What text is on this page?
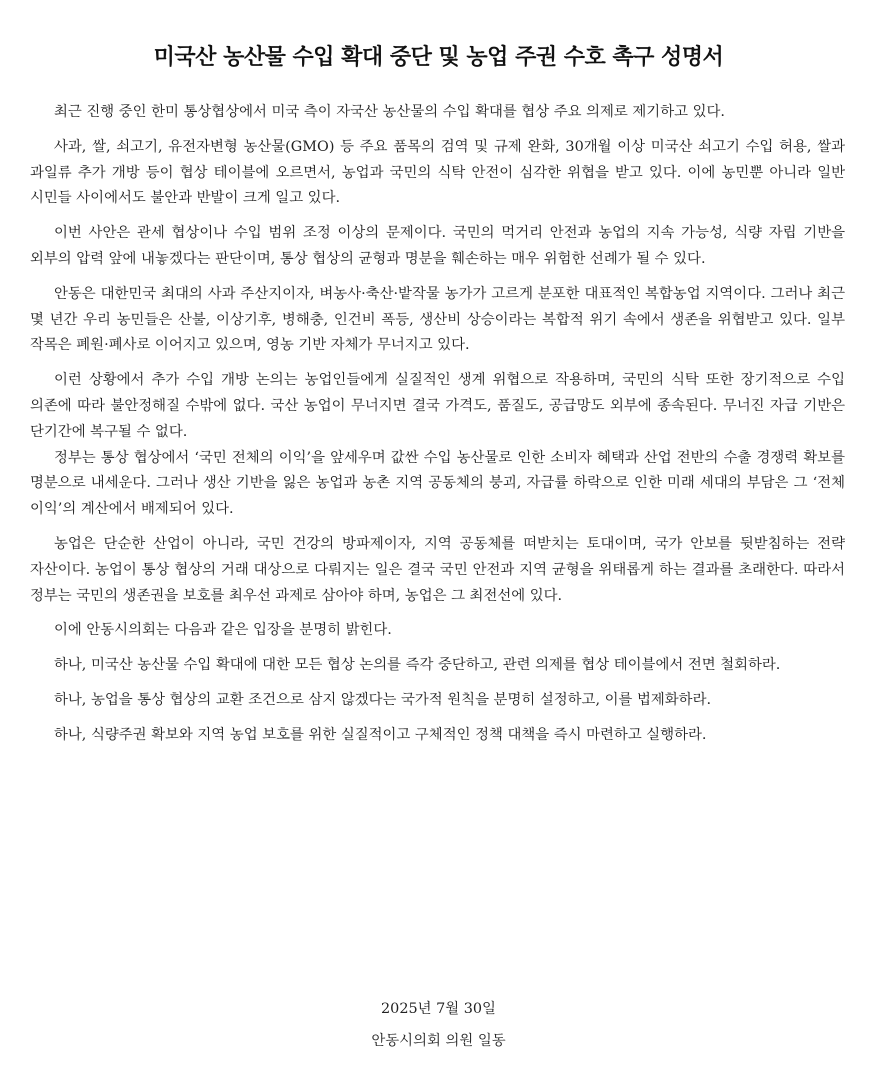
미국산 농산물 수입 확대 중단 및 농업 주권 수호 촉구 성명서

최근 진행 중인 한미 통상협상에서 미국 측이 자국산 농산물의 수입 확대를 협상 주요 의제로 제기하고 있다.

사과, 쌀, 쇠고기, 유전자변형 농산물(GMO) 등 주요 품목의 검역 및 규제 완화, 30개월 이상 미국산 쇠고기 수입 허용, 쌀과 과일류 추가 개방 등이 협상 테이블에 오르면서, 농업과 국민의 식탁 안전이 심각한 위협을 받고 있다. 이에 농민뿐 아니라 일반 시민들 사이에서도 불안과 반발이 크게 일고 있다.

이번 사안은 관세 협상이나 수입 범위 조정 이상의 문제이다. 국민의 먹거리 안전과 농업의 지속 가능성, 식량 자립 기반을 외부의 압력 앞에 내놓겠다는 판단이며, 통상 협상의 균형과 명분을 훼손하는 매우 위험한 선례가 될 수 있다.

안동은 대한민국 최대의 사과 주산지이자, 벼농사·축산·밭작물 농가가 고르게 분포한 대표적인 복합농업 지역이다. 그러나 최근 몇 년간 우리 농민들은 산불, 이상기후, 병해충, 인건비 폭등, 생산비 상승이라는 복합적 위기 속에서 생존을 위협받고 있다. 일부 작목은 폐원·폐사로 이어지고 있으며, 영농 기반 자체가 무너지고 있다.

이런 상황에서 추가 수입 개방 논의는 농업인들에게 실질적인 생계 위협으로 작용하며, 국민의 식탁 또한 장기적으로 수입 의존에 따라 불안정해질 수밖에 없다. 국산 농업이 무너지면 결국 가격도, 품질도, 공급망도 외부에 종속된다. 무너진 자급 기반은 단기간에 복구될 수 없다.

정부는 통상 협상에서 ‘국민 전체의 이익’을 앞세우며 값싼 수입 농산물로 인한 소비자 혜택과 산업 전반의 수출 경쟁력 확보를 명분으로 내세운다. 그러나 생산 기반을 잃은 농업과 농촌 지역 공동체의 붕괴, 자급률 하락으로 인한 미래 세대의 부담은 그 ‘전체 이익’의 계산에서 배제되어 있다.

농업은 단순한 산업이 아니라, 국민 건강의 방파제이자, 지역 공동체를 떠받치는 토대이며, 국가 안보를 뒷받침하는 전략 자산이다. 농업이 통상 협상의 거래 대상으로 다뤄지는 일은 결국 국민 안전과 지역 균형을 위태롭게 하는 결과를 초래한다. 따라서 정부는 국민의 생존권을 보호를 최우선 과제로 삼아야 하며, 농업은 그 최전선에 있다.

이에 안동시의회는 다음과 같은 입장을 분명히 밝힌다.

하나, 미국산 농산물 수입 확대에 대한 모든 협상 논의를 즉각 중단하고, 관련 의제를 협상 테이블에서 전면 철회하라.

하나, 농업을 통상 협상의 교환 조건으로 삼지 않겠다는 국가적 원칙을 분명히 설정하고, 이를 법제화하라.

하나, 식량주권 확보와 지역 농업 보호를 위한 실질적이고 구체적인 정책 대책을 즉시 마련하고 실행하라.

2025년 7월 30일
안동시의회 의원 일동
